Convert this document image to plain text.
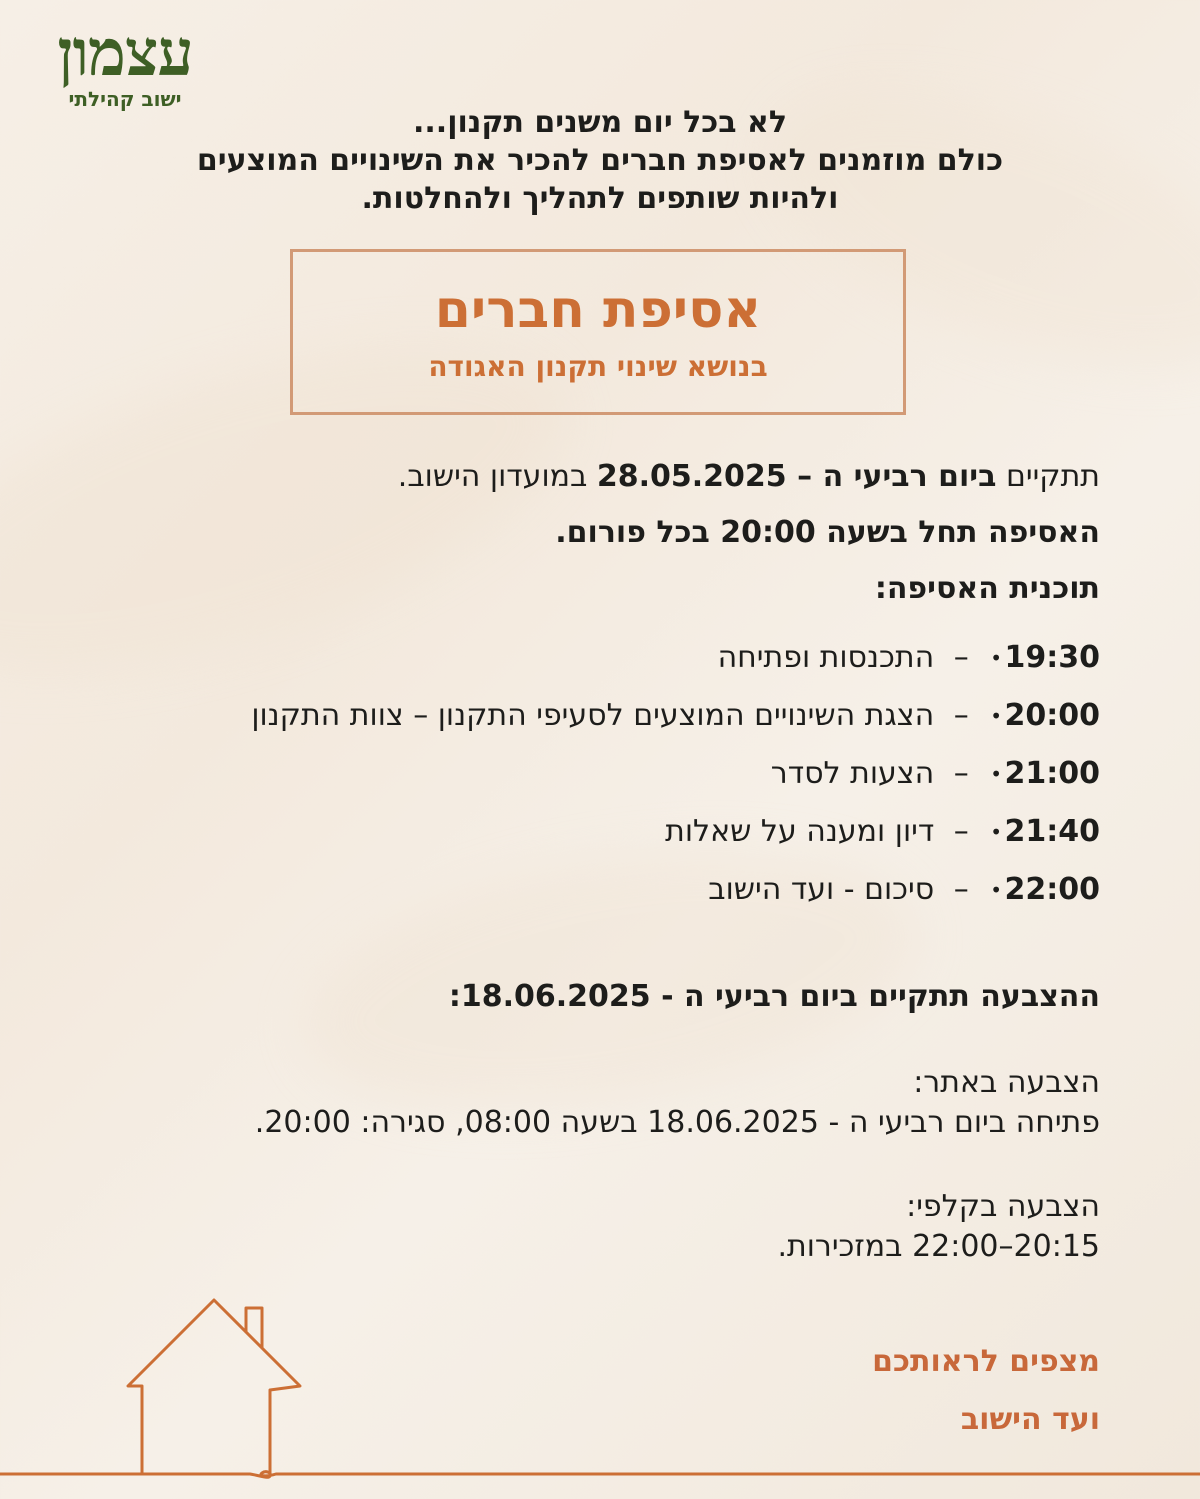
עצמון
ישוב קהילתי
לא בכל יום משנים תקנון...
כולם מוזמנים לאסיפת חברים להכיר את השינויים המוצעים
ולהיות שותפים לתהליך ולהחלטות.
אסיפת חברים
בנושא שינוי תקנון האגודה
תתקיים ביום רביעי ה – 28.05.2025 במועדון הישוב.
האסיפה תחל בשעה 20:00 בכל פורום.
תוכנית האסיפה:
19:30
•
–
התכנסות ופתיחה
20:00
•
–
הצגת השינויים המוצעים לסעיפי התקנון – צוות התקנון
21:00
•
–
הצעות לסדר
21:40
•
–
דיון ומענה על שאלות
22:00
•
–
סיכום - ועד הישוב
ההצבעה תתקיים ביום רביעי ה - 18.06.2025:
הצבעה באתר:
פתיחה ביום רביעי ה - 18.06.2025 בשעה 08:00, סגירה: 20:00.
הצבעה בקלפי:
20:15–22:00 במזכירות.
מצפים לראותכם
ועד הישוב
